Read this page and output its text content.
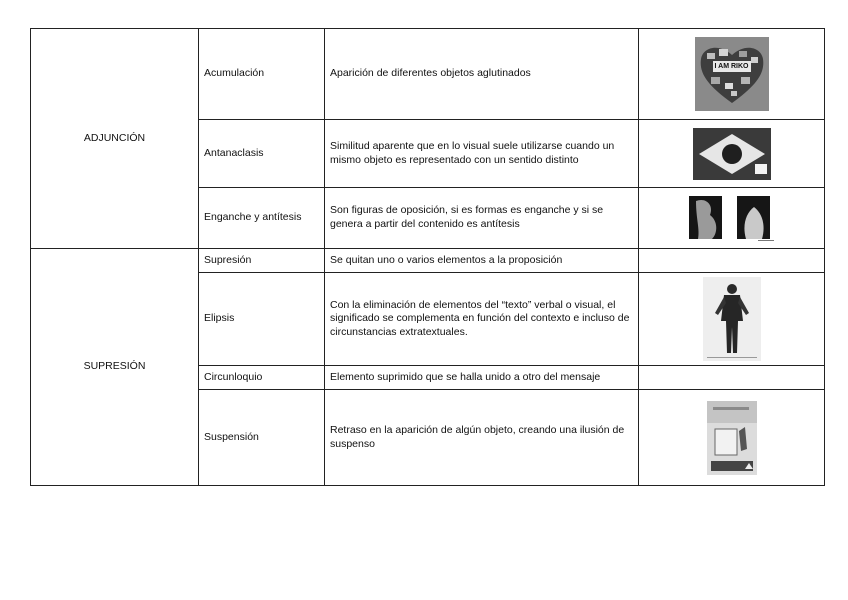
ADJUNCIÓN	Acumulación	Aparición de diferentes objetos aglutinados	I AM RIKO

	Antanaclasis	Similitud aparente que en lo visual suele utilizarse cuando un mismo objeto es representado con un sentido distinto	
	Enganche y antítesis	Son figuras de oposición, si es formas es enganche y si se genera a partir del contenido es antítesis	
SUPRESIÓN	Supresión	Se quitan uno o varios elementos a la proposición	
	Elipsis	Con la eliminación de elementos del “texto” verbal o visual, el significado se complementa en función del contexto e incluso de circunstancias extratextuales.	
	Circunloquio	Elemento suprimido que se halla unido a otro del mensaje	
	Suspensión	Retraso en la aparición de algún objeto, creando una ilusión de suspenso	
